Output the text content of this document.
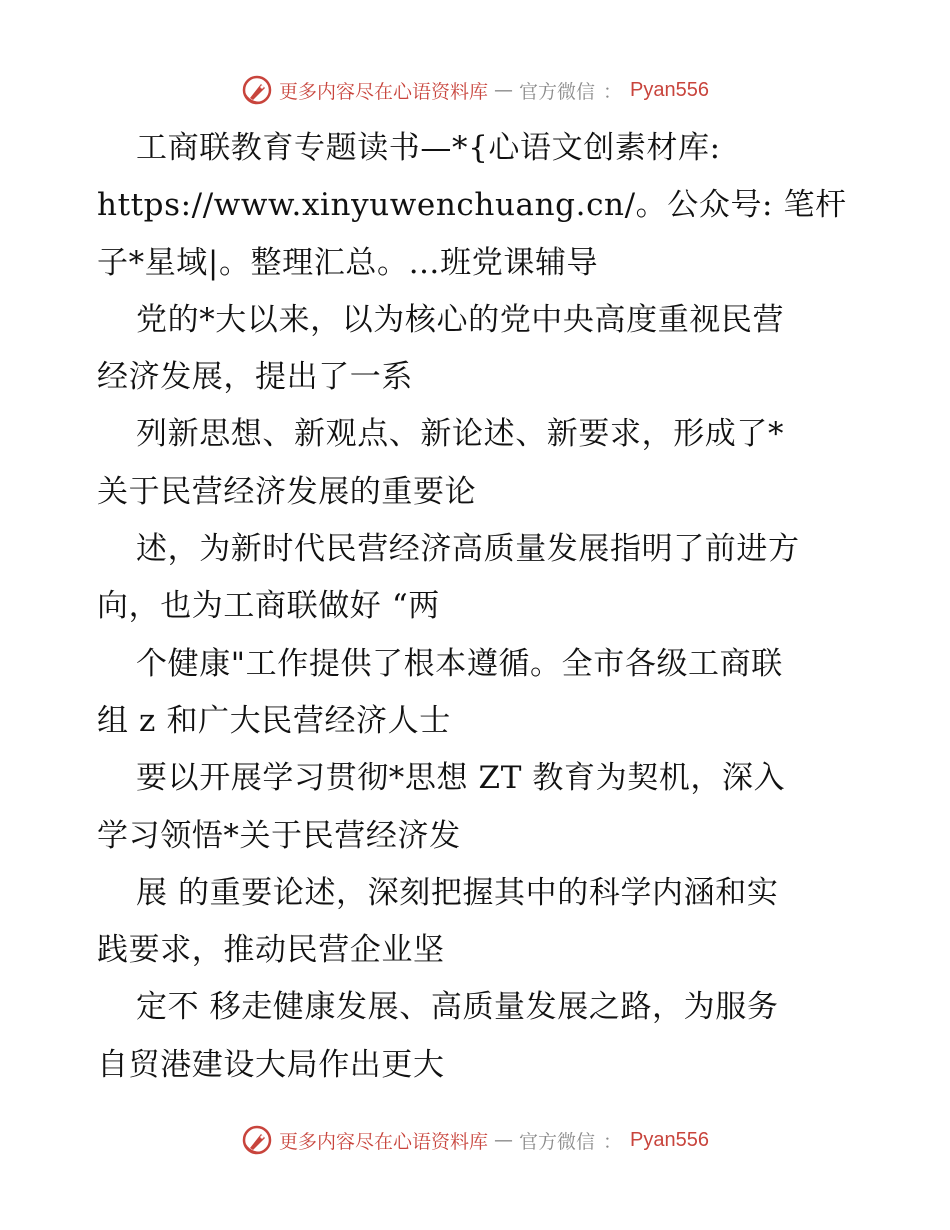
更多内容尽在心语资料库 — 官方微信 ： Pyan556
工商联教育专题读书—*{心语文创素材库:
https://www.xinyuwenchuang.cn/。公众号: 笔杆
子*星域|。整理汇总。…班党课辅导
党的*大以来，以为核心的党中央高度重视民营
经济发展，提出了一系
列新思想、新观点、新论述、新要求，形成了*
关于民营经济发展的重要论
述，为新时代民营经济高质量发展指明了前进方
向，也为工商联做好 “两
个健康"工作提供了根本遵循。全市各级工商联
组 z 和广大民营经济人士
要以开展学习贯彻*思想 ZT 教育为契机，深入
学习领悟*关于民营经济发
展 的重要论述，深刻把握其中的科学内涵和实
践要求，推动民营企业坚
定不 移走健康发展、高质量发展之路，为服务
自贸港建设大局作出更大
更多内容尽在心语资料库 — 官方微信 ： Pyan556
